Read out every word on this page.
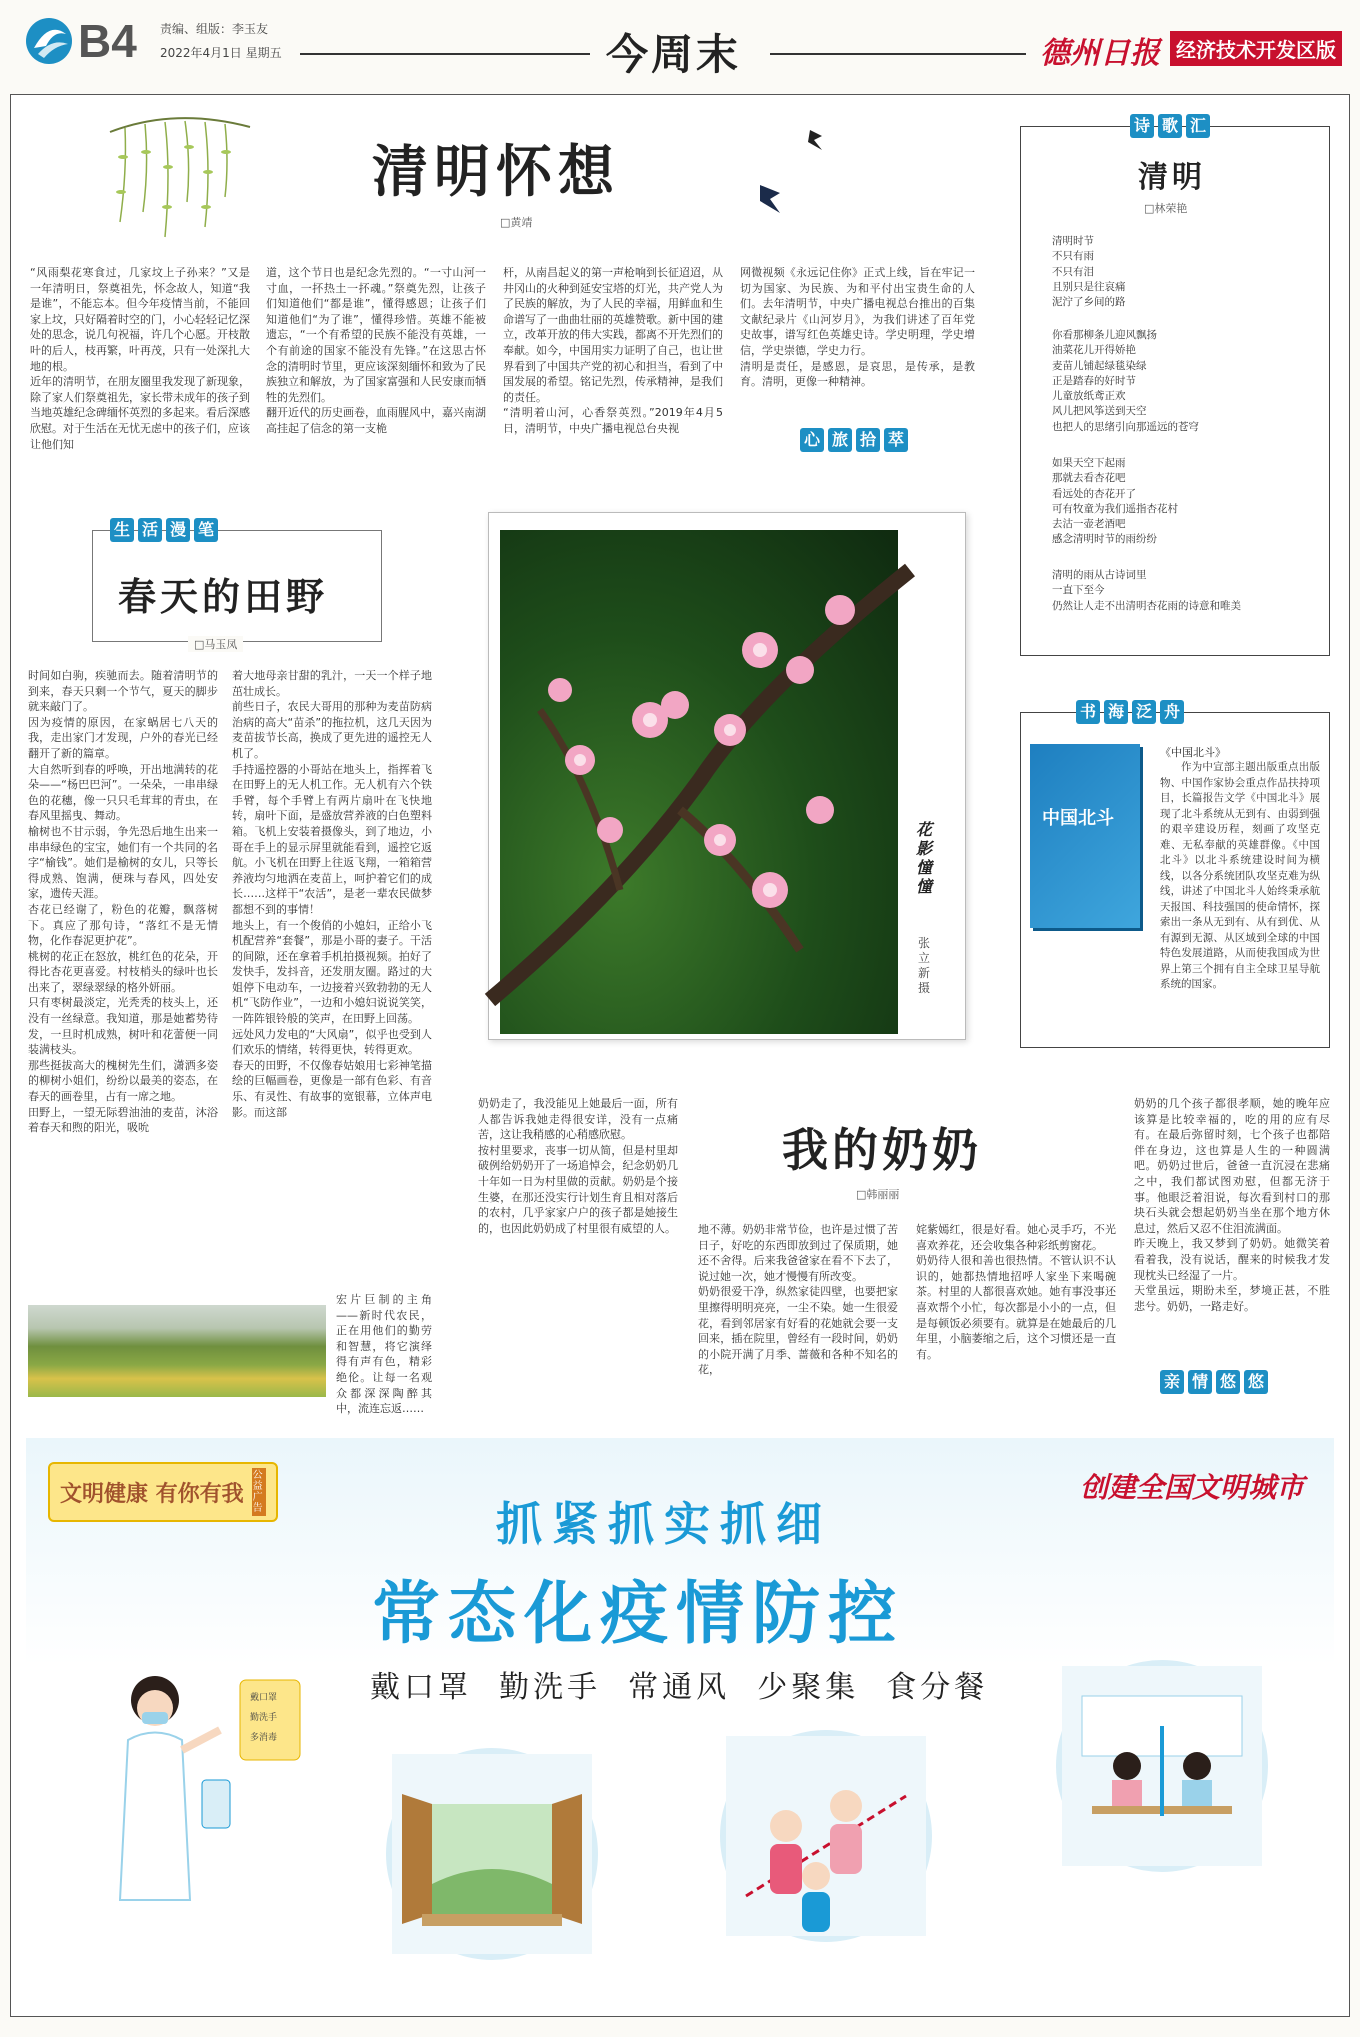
B4 责编、组版：李玉友
2022年4月1日 星期五	今周末	德州日报 经济技术开发区版
清明怀想
□黄靖
“风雨梨花寒食过，几家坟上子孙来？”又是一年清明日，祭奠祖先，怀念故人，知道“我是谁”，不能忘本。但今年疫情当前，不能回家上坟，只好隔着时空的门，小心轻轻记忆深处的思念，说几句祝福，许几个心愿。开枝散叶的后人，枝再繁，叶再茂，只有一处深扎大地的根。
近年的清明节，在朋友圈里我发现了新现象，除了家人们祭奠祖先，家长带未成年的孩子到当地英雄纪念碑缅怀英烈的多起来。看后深感欣慰。对于生活在无忧无虑中的孩子们，应该让他们知
道，这个节日也是纪念先烈的。“一寸山河一寸血，一抔热土一抔魂。”祭奠先烈，让孩子们知道他们“都是谁”，懂得感恩；让孩子们知道他们“为了谁”，懂得珍惜。英雄不能被遗忘，“一个有希望的民族不能没有英雄，一个有前途的国家不能没有先锋。”在这思古怀念的清明时节里，更应该深刻缅怀和致为了民族独立和解放，为了国家富强和人民安康而牺牲的先烈们。
翻开近代的历史画卷，血雨腥风中，嘉兴南湖高挂起了信念的第一支桅
杆，从南昌起义的第一声枪响到长征迢迢，从井冈山的火种到延安宝塔的灯光，共产党人为了民族的解放，为了人民的幸福，用鲜血和生命谱写了一曲曲壮丽的英雄赞歌。新中国的建立，改革开放的伟大实践，都离不开先烈们的奉献。如今，中国用实力证明了自己，也让世界看到了中国共产党的初心和担当，看到了中国发展的希望。铭记先烈，传承精神，是我们的责任。
“清明着山河，心香祭英烈。”2019年4月5日，清明节，中央广播电视总台央视
网微视频《永远记住你》正式上线，旨在牢记一切为国家、为民族、为和平付出宝贵生命的人们。去年清明节，中央广播电视总台推出的百集文献纪录片《山河岁月》，为我们讲述了百年党史故事，谱写红色英雄史诗。学史明理，学史增信，学史崇德，学史力行。
清明是责任，是感恩，是哀思，是传承，是教育。清明，更像一种精神。
心 旅 拾 萃
诗 歌 汇
清明
□林荣艳
清明时节
不只有雨
不只有泪
且别只是往哀痛
泥泞了乡间的路
你看那柳条儿迎风飘扬
油菜花儿开得娇艳
麦苗儿铺起绿毯染绿
正是踏春的好时节
儿童放纸鸢正欢
风儿把风筝送到天空
也把人的思绪引向那遥远的苍穹
如果天空下起雨
那就去看杏花吧
看远处的杏花开了
可有牧童为我们遥指杏花村
去沽一壶老酒吧
感念清明时节的雨纷纷
清明的雨从古诗词里
一直下至今
仍然让人走不出清明杏花雨的诗意和唯美
生 活 漫 笔
春天的田野
□马玉凤
时间如白驹，疾驰而去。随着清明节的到来，春天只剩一个节气，夏天的脚步就来敲门了。
因为疫情的原因，在家蜗居七八天的我，走出家门才发现，户外的春光已经翻开了新的篇章。
大自然听到春的呼唤，开出地满转的花朵——“杨巴巴河”。一朵朵，一串串绿色的花穗，像一只只毛茸茸的青虫，在春风里摇曳、舞动。
榆树也不甘示弱，争先恐后地生出来一串串绿色的宝宝，她们有一个共同的名字“榆钱”。她们是榆树的女儿，只等长得成熟、饱满，便珠与春风，四处安家，遗传天涯。
杏花已经谢了，粉色的花瓣，飘落树下。真应了那句诗，“落红不是无情物，化作春泥更护花”。
桃树的花正在怒放，桃红色的花朵，开得比杏花更喜爱。村枝梢头的绿叶也长出来了，翠绿翠绿的格外妍丽。
只有枣树最淡定，光秃秃的枝头上，还没有一丝绿意。我知道，那是她蓄势待发，一旦时机成熟，树叶和花蕾便一同装满枝头。
那些挺拔高大的槐树先生们，潇洒多姿的柳树小姐们，纷纷以最美的姿态，在春天的画卷里，占有一席之地。
田野上，一望无际碧油油的麦苗，沐浴着春天和煦的阳光，吸吮
着大地母亲甘甜的乳汁，一天一个样子地茁壮成长。
前些日子，农民大哥用的那种为麦苗防病治病的高大“苗杀”的拖拉机，这几天因为麦苗拔节长高，换成了更先进的遥控无人机了。
手持遥控器的小哥站在地头上，指挥着飞在田野上的无人机工作。无人机有六个铁手臂，每个手臂上有两片扇叶在飞快地转，扇叶下面，是盛放营养液的白色塑料箱。飞机上安装着摄像头，到了地边，小哥在手上的显示屏里就能看到，遥控它返航。小飞机在田野上往返飞翔，一箱箱营养液均匀地洒在麦苗上，呵护着它们的成长……这样干“农活”，是老一辈农民做梦都想不到的事情！
地头上，有一个俊俏的小媳妇，正给小飞机配营养“套餐”，那是小哥的妻子。干活的间隙，还在拿着手机拍摄视频。拍好了发快手，发抖音，还发朋友圈。路过的大姐停下电动车，一边接着兴致勃勃的无人机“飞防作业”，一边和小媳妇说说笑笑，一阵阵银铃般的笑声，在田野上回荡。
远处风力发电的“大风扇”，似乎也受到人们欢乐的情绪，转得更快，转得更欢。
春天的田野，不仅像春姑娘用七彩神笔描绘的巨幅画卷，更像是一部有色彩、有音乐、有灵性、有故事的宽银幕，立体声电影。而这部
宏片巨制的主角——新时代农民，正在用他们的勤劳和智慧，将它演绎得有声有色，精彩绝伦。让每一名观众都深深陶醉其中，流连忘返……
花影憧憧
张立新 摄
书 海 泛 舟
中国北斗
《中国北斗》
作为中宣部主题出版重点出版物、中国作家协会重点作品扶持项目，长篇报告文学《中国北斗》展现了北斗系统从无到有、由弱到强的艰辛建设历程，刻画了攻坚克难、无私奉献的英雄群像。《中国北斗》以北斗系统建设时间为横线，以各分系统团队攻坚克难为纵线，讲述了中国北斗人始终秉承航天报国、科技强国的使命情怀，探索出一条从无到有、从有到优、从有源到无源、从区域到全球的中国特色发展道路，从而使我国成为世界上第三个拥有自主全球卫星导航系统的国家。
我的奶奶
□韩丽丽
奶奶走了，我没能见上她最后一面，所有人都告诉我她走得很安详，没有一点痛苦，这让我稍感的心稍感欣慰。
按村里要求，丧事一切从简，但是村里却破例给奶奶开了一场追悼会，纪念奶奶几十年如一日为村里做的贡献。奶奶是个接生婆，在那还没实行计划生育且相对落后的农村，几乎家家户户的孩子都是她接生的，也因此奶奶成了村里很有威望的人。 地不薄。奶奶非常节俭，也许是过惯了苦日子，好吃的东西即放到过了保质期，她还不舍得。后来我爸爸家在看不下去了，说过她一次，她才慢慢有所改变。
奶奶很爱干净，纵然家徒四壁，也要把家里擦得明明亮亮，一尘不染。她一生很爱花，看到邻居家有好看的花她就会要一支回来，插在院里，曾经有一段时间，奶奶的小院开满了月季、蔷薇和各种不知名的花，
姹紫嫣红，很是好看。她心灵手巧，不光喜欢养花，还会收集各种彩纸剪窗花。
奶奶待人很和善也很热情。不管认识不认识的，她都热情地招呼人家坐下来喝碗茶。村里的人都很喜欢她。她有事没事还喜欢帮个小忙，每次都是小小的一点，但是每顿饭必须要有。就算是在她最后的几年里，小脑萎缩之后，这个习惯还是一直有。
奶奶的几个孩子都很孝顺，她的晚年应该算是比较幸福的，吃的用的应有尽有。在最后弥留时刻，七个孩子也都陪伴在身边，这也算是人生的一种圆满吧。奶奶过世后，爸爸一直沉浸在悲痛之中，我们都试图劝慰，但都无济于事。他眼泛着泪说，每次看到村口的那块石头就会想起奶奶当坐在那个地方休息过，然后又忍不住泪流满面。
昨天晚上，我又梦到了奶奶。她微笑着看着我，没有说话，醒来的时候我才发现枕头已经湿了一片。
天堂虽远，期盼未至，梦境正甚，不胜悲兮。奶奶，一路走好。
亲 情 悠 悠
文明健康 有你有我
公益广告
创建全国文明城市
抓紧抓实抓细
常态化疫情防控
戴口罩  勤洗手  常通风  少聚集  食分餐
戴口罩
勤洗手
多消毒
